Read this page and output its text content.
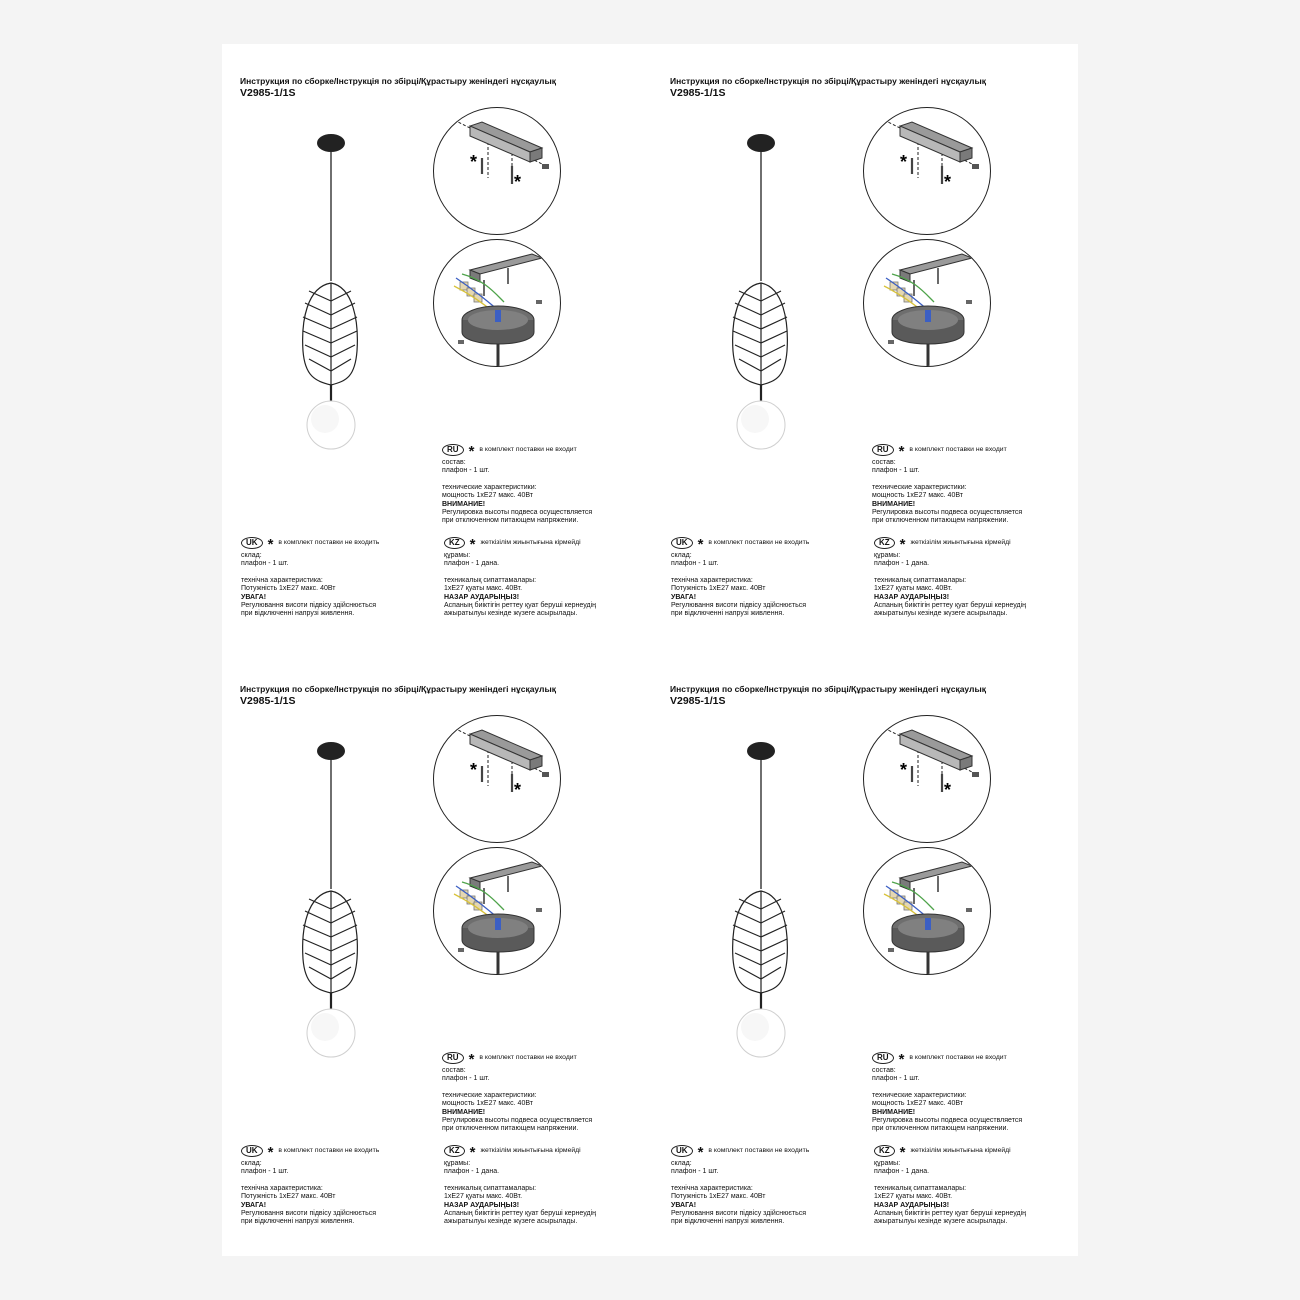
Инструкция по сборке/Інструкція по збірці/Құрастыру женіндегі нұсқаулық
V2985-1/1S
*
*
RU * в комплект поставки не входит
состав:
плафон - 1 шт.
технические характеристики:
мощность 1xE27 макс. 40Вт
ВНИМАНИЕ!
Регулировка высоты подвеса осуществляется
при отключенном питающем напряжении.
UK * в комплект поставки не входить
склад:
плафон - 1 шт.
технічна характеристика:
Потужність 1xE27 макс. 40Вт
УВАГА!
Регулювання висоти підвісу здійснюється
при відключенні напрузі живлення.
KZ * жеткізілім жиынтығына кірмейді
құрамы:
плафон - 1 дана.
техникалық сипаттамалары:
1xE27 қуаты макс. 40Вт.
НАЗАР АУДАРЫҢЫЗ!
Аспаның биіктігін реттеу қуат беруші кернеудің
ажыратылуы кезінде жүзеге асырылады.
Инструкция по сборке/Інструкція по збірці/Құрастыру женіндегі нұсқаулық
V2985-1/1S
*
*
RU * в комплект поставки не входит
состав:
плафон - 1 шт.
технические характеристики:
мощность 1xE27 макс. 40Вт
ВНИМАНИЕ!
Регулировка высоты подвеса осуществляется
при отключенном питающем напряжении.
UK * в комплект поставки не входить
склад:
плафон - 1 шт.
технічна характеристика:
Потужність 1xE27 макс. 40Вт
УВАГА!
Регулювання висоти підвісу здійснюється
при відключенні напрузі живлення.
KZ * жеткізілім жиынтығына кірмейді
құрамы:
плафон - 1 дана.
техникалық сипаттамалары:
1xE27 қуаты макс. 40Вт.
НАЗАР АУДАРЫҢЫЗ!
Аспаның биіктігін реттеу қуат беруші кернеудің
ажыратылуы кезінде жүзеге асырылады.
Инструкция по сборке/Інструкція по збірці/Құрастыру женіндегі нұсқаулық
V2985-1/1S
*
*
RU * в комплект поставки не входит
состав:
плафон - 1 шт.
технические характеристики:
мощность 1xE27 макс. 40Вт
ВНИМАНИЕ!
Регулировка высоты подвеса осуществляется
при отключенном питающем напряжении.
UK * в комплект поставки не входить
склад:
плафон - 1 шт.
технічна характеристика:
Потужність 1xE27 макс. 40Вт
УВАГА!
Регулювання висоти підвісу здійснюється
при відключенні напрузі живлення.
KZ * жеткізілім жиынтығына кірмейді
құрамы:
плафон - 1 дана.
техникалық сипаттамалары:
1xE27 қуаты макс. 40Вт.
НАЗАР АУДАРЫҢЫЗ!
Аспаның биіктігін реттеу қуат беруші кернеудің
ажыратылуы кезінде жүзеге асырылады.
Инструкция по сборке/Інструкція по збірці/Құрастыру женіндегі нұсқаулық
V2985-1/1S
*
*
RU * в комплект поставки не входит
состав:
плафон - 1 шт.
технические характеристики:
мощность 1xE27 макс. 40Вт
ВНИМАНИЕ!
Регулировка высоты подвеса осуществляется
при отключенном питающем напряжении.
UK * в комплект поставки не входить
склад:
плафон - 1 шт.
технічна характеристика:
Потужність 1xE27 макс. 40Вт
УВАГА!
Регулювання висоти підвісу здійснюється
при відключенні напрузі живлення.
KZ * жеткізілім жиынтығына кірмейді
құрамы:
плафон - 1 дана.
техникалық сипаттамалары:
1xE27 қуаты макс. 40Вт.
НАЗАР АУДАРЫҢЫЗ!
Аспаның биіктігін реттеу қуат беруші кернеудің
ажыратылуы кезінде жүзеге асырылады.
